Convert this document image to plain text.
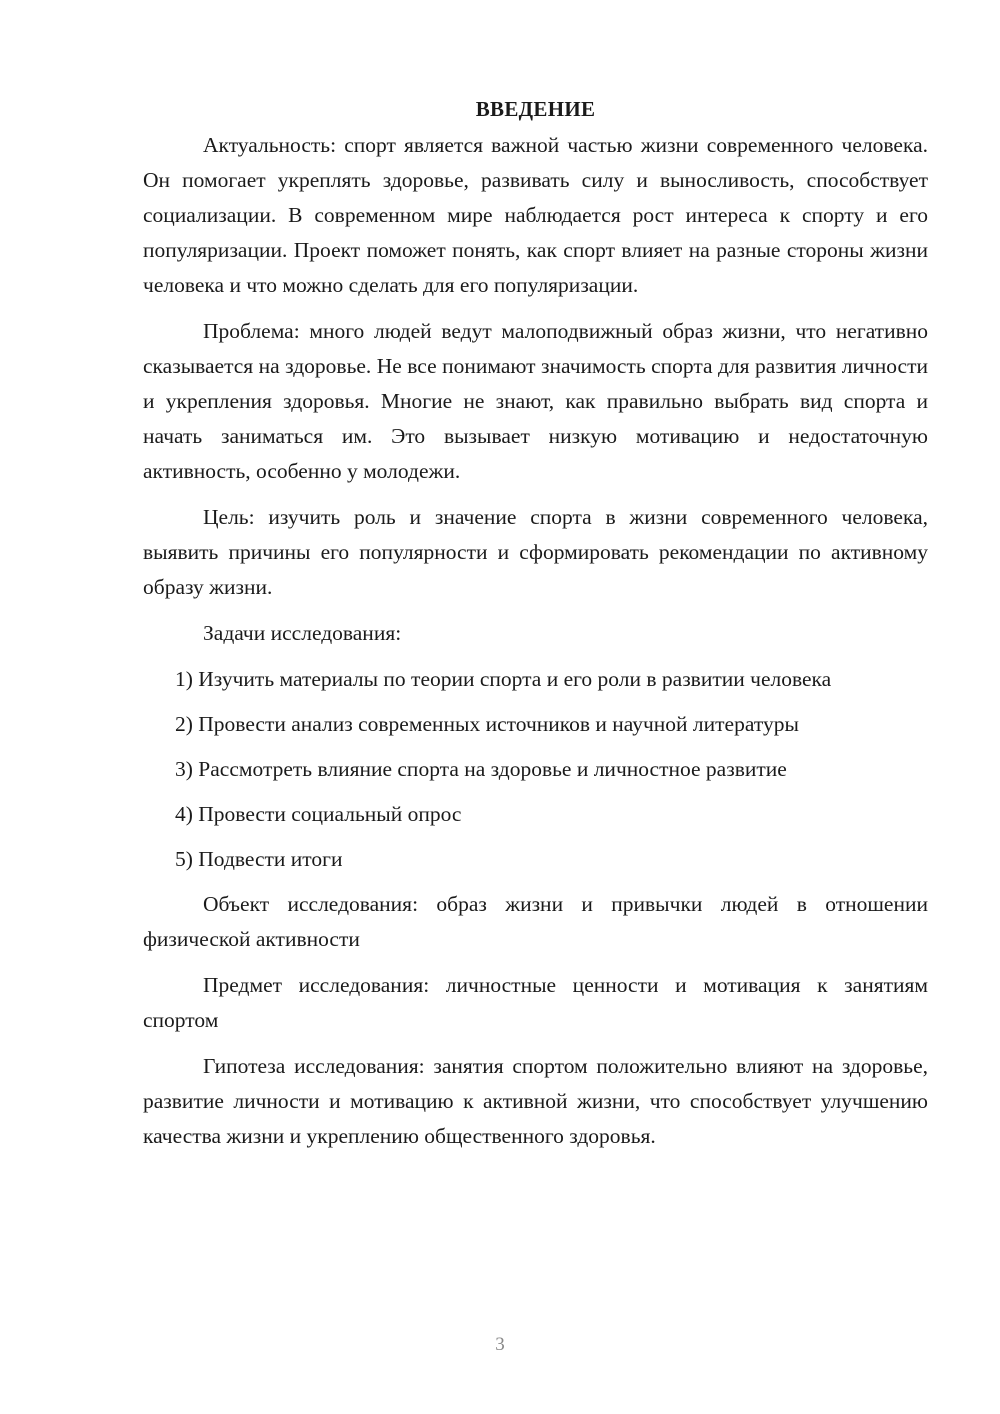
ВВЕДЕНИЕ

Актуальность: спорт является важной частью жизни современного человека. Он помогает укреплять здоровье, развивать силу и выносливость, способствует социализации. В современном мире наблюдается рост интереса к спорту и его популяризации. Проект поможет понять, как спорт влияет на разные стороны жизни человека и что можно сделать для его популяризации.

Проблема: много людей ведут малоподвижный образ жизни, что негативно сказывается на здоровье. Не все понимают значимость спорта для развития личности и укрепления здоровья. Многие не знают, как правильно выбрать вид спорта и начать заниматься им. Это вызывает низкую мотивацию и недостаточную активность, особенно у молодежи.

Цель: изучить роль и значение спорта в жизни современного человека, выявить причины его популярности и сформировать рекомендации по активному образу жизни.

Задачи исследования:

1) Изучить материалы по теории спорта и его роли в развитии человека

2) Провести анализ современных источников и научной литературы

3) Рассмотреть влияние спорта на здоровье и личностное развитие

4) Провести социальный опрос

5) Подвести итоги

Объект исследования: образ жизни и привычки людей в отношении физической активности

Предмет исследования: личностные ценности и мотивация к занятиям спортом

Гипотеза исследования: занятия спортом положительно влияют на здоровье, развитие личности и мотивацию к активной жизни, что способствует улучшению качества жизни и укреплению общественного здоровья.

3
